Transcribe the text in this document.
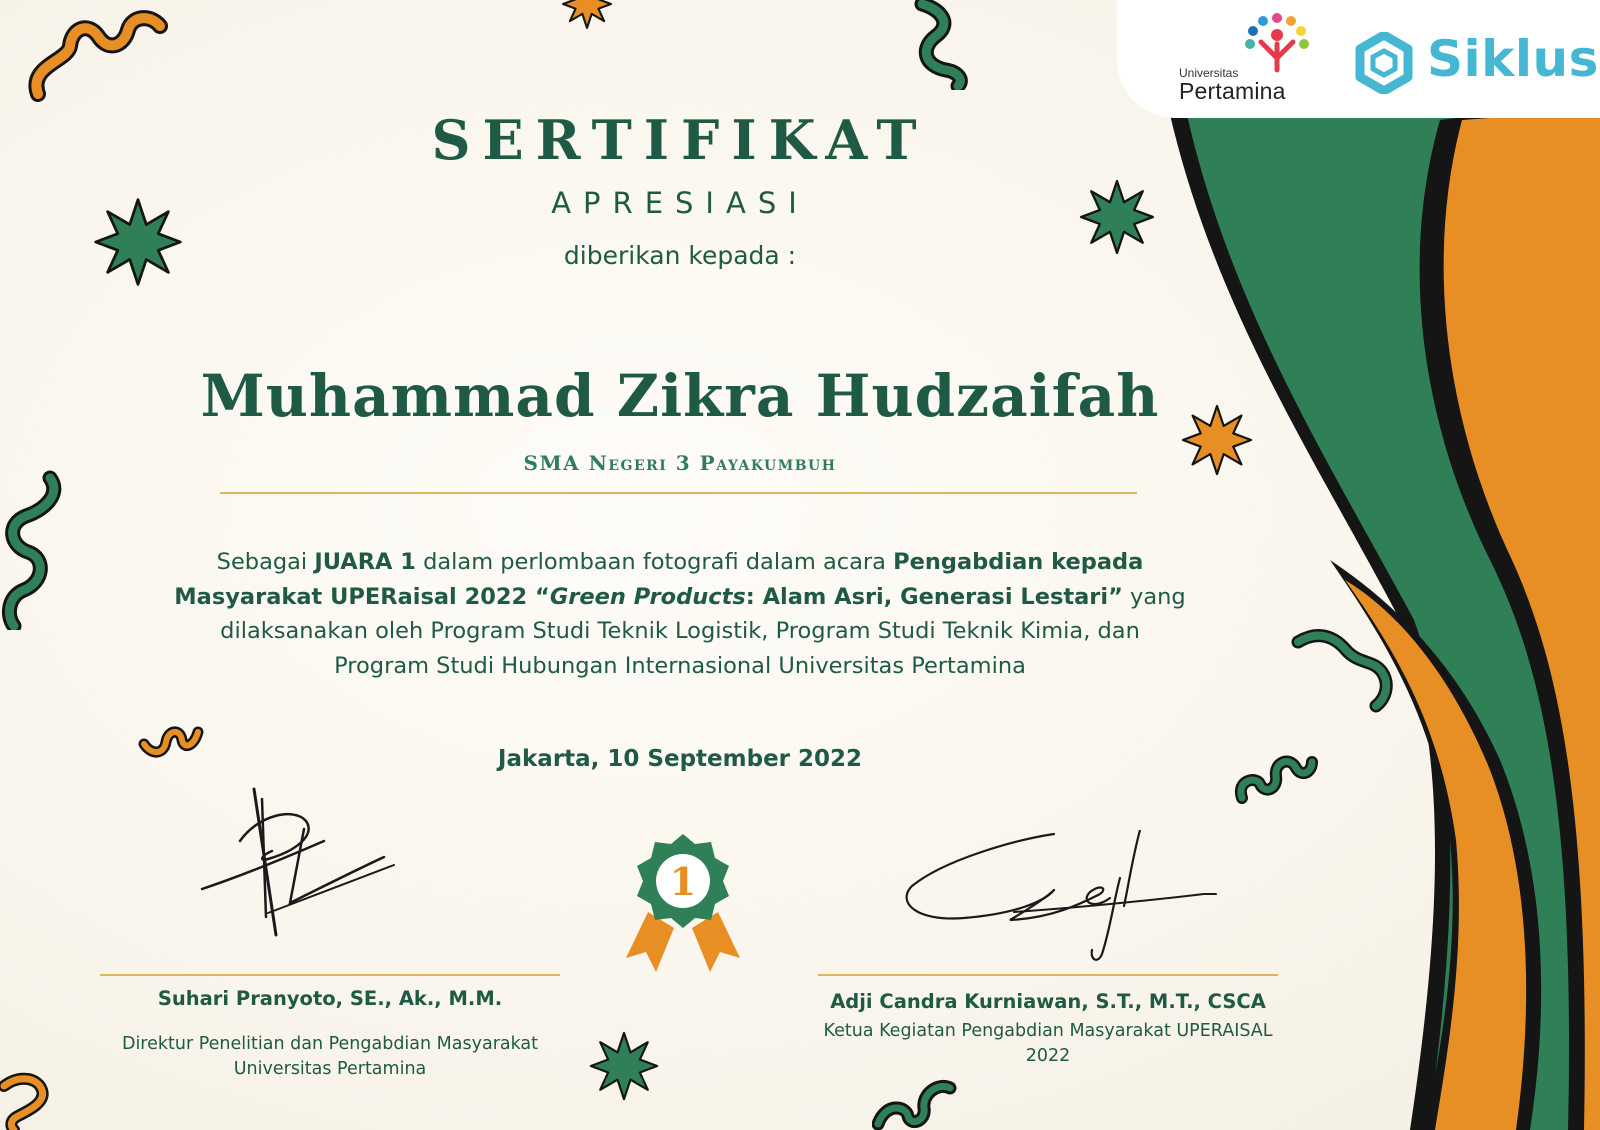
Universitas
Pertamina
Siklus
SERTIFIKAT
APRESIASI
diberikan kepada :
Muhammad Zikra Hudzaifah
SMA Negeri 3 Payakumbuh
Sebagai JUARA 1 dalam perlombaan fotografi dalam acara Pengabdian kepada
Masyarakat UPERaisal 2022 “Green Products: Alam Asri, Generasi Lestari” yang
dilaksanakan oleh Program Studi Teknik Logistik, Program Studi Teknik Kimia, dan
Program Studi Hubungan Internasional Universitas Pertamina
Jakarta, 10 September 2022
1
Suhari Pranyoto, SE., Ak., M.M.
Direktur Penelitian dan Pengabdian Masyarakat
Universitas Pertamina
Adji Candra Kurniawan, S.T., M.T., CSCA
Ketua Kegiatan Pengabdian Masyarakat UPERAISAL
2022
